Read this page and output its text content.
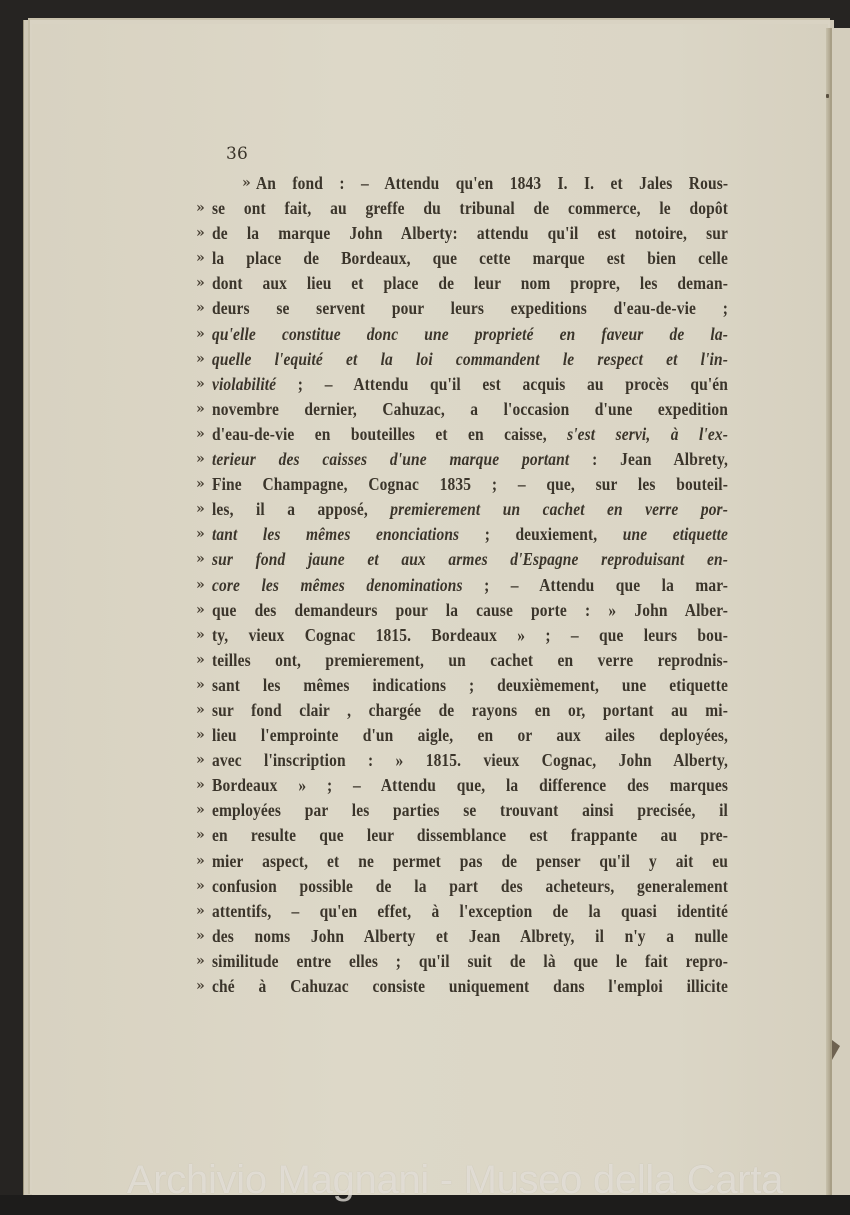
36
» An fond : – Attendu qu'en 1843 I. I. et Jales Rous-
» se ont fait, au greffe du tribunal de commerce, le dopôt
» de la marque John Alberty: attendu qu'il est notoire, sur
» la place de Bordeaux, que cette marque est bien celle
» dont aux lieu et place de leur nom propre, les deman-
» deurs se servent pour leurs expeditions d'eau-de-vie ;
» qu'elle constitue donc une proprieté en faveur de la-
» quelle l'equité et la loi commandent le respect et l'in-
» violabilité ; – Attendu qu'il est acquis au procès qu'én
» novembre dernier, Cahuzac, a l'occasion d'une expedition
» d'eau-de-vie en bouteilles et en caisse, s'est servi, à l'ex-
» terieur des caisses d'une marque portant : Jean Albrety,
» Fine Champagne, Cognac 1835 ; – que, sur les bouteil-
» les, il a apposé, premierement un cachet en verre por-
» tant les mêmes enonciations ; deuxiement, une etiquette
» sur fond jaune et aux armes d'Espagne reproduisant en-
» core les mêmes denominations ; – Attendu que la mar-
» que des demandeurs pour la cause porte : » John Alber-
» ty, vieux Cognac 1815. Bordeaux » ; – que leurs bou-
» teilles ont, premierement, un cachet en verre reprodnis-
» sant les mêmes indications ; deuxièmement, une etiquette
» sur fond clair , chargée de rayons en or, portant au mi-
» lieu l'emprointe d'un aigle, en or aux ailes deployées,
» avec l'inscription : » 1815. vieux Cognac, John Alberty,
» Bordeaux » ; – Attendu que, la difference des marques
» employées par les parties se trouvant ainsi precisée, il
» en resulte que leur dissemblance est frappante au pre-
» mier aspect, et ne permet pas de penser qu'il y ait eu
» confusion possible de la part des acheteurs, generalement
» attentifs, – qu'en effet, à l'exception de la quasi identité
» des noms John Alberty et Jean Albrety, il n'y a nulle
» similitude entre elles ; qu'il suit de là que le fait repro-
» ché à Cahuzac consiste uniquement dans l'emploi illicite
Archivio Magnani - Museo della Carta
